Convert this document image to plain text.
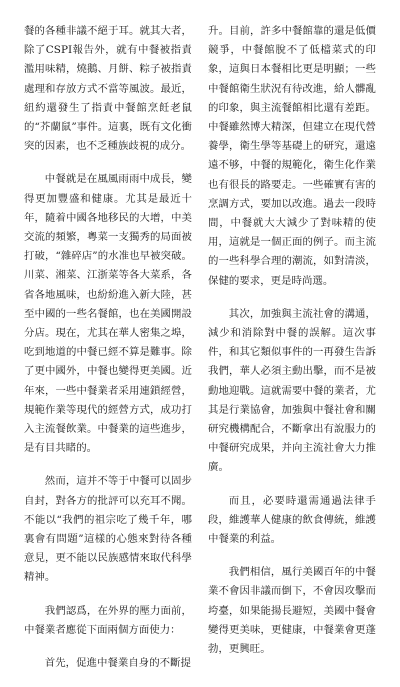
餐的各種非議不絕于耳。就其大者，除了CSPI報告外，就有中餐被指責濫用味精，燒鵝、月餅、粽子被指責處理和存放方式不當等風波。最近，紐約還發生了指責中餐館烹飪老鼠的“芥蘭鼠”事件。這裏，既有文化衝突的因素，也不乏種族歧視的成分。

中餐就是在風風雨雨中成長，變得更加豐盛和健康。尤其是最近十年，隨着中國各地移民的大增，中美交流的頻繁，粵菜一支獨秀的局面被打破，“雜碎店”的水准也早被突破。川菜、湘菜、江浙菜等各大菜系，各省各地風味，也紛紛進入新大陸，甚至中國的一些名餐館，也在美國開設分店。現在，尤其在華人密集之埠，吃到地道的中餐已經不算是難事。除了更中國外，中餐也變得更美國。近年來，一些中餐業者采用連鎖經營，規範作業等現代的經營方式，成功打入主流餐飲業。中餐業的這些進步，是有目共睹的。

然而，這并不等于中餐可以固步自封，對各方的批評可以充耳不聞。不能以“我們的祖宗吃了幾千年，哪裏會有問題”這樣的心態來對待各種意見，更不能以民族感情來取代科學精神。

我們認爲，在外界的壓力面前，中餐業者應從下面兩個方面使力：

首先，促進中餐業自身的不斷提

升。目前，許多中餐館靠的還是低價競爭，中餐館脫不了低檔菜式的印象，這與日本餐相比更是明顯；一些中餐館衛生狀況有待改進，給人髒亂的印象，與主流餐館相比還有差距。中餐雖然博大精深，但建立在現代營養學，衛生學等基礎上的研究，還遠遠不够，中餐的規範化，衛生化作業也有很長的路要走。一些確實有害的烹調方式，要加以改進。過去一段時間，中餐就大大減少了對味精的使用，這就是一個正面的例子。而主流的一些科學合理的潮流，如對清淡，保健的要求，更是時尚選。

其次，加強與主流社會的溝通，減少和消除對中餐的誤解。這次事件，和其它類似事件的一再發生告訴我們，華人必須主動出擊，而不是被動地迎戰。這就需要中餐的業者，尤其是行業協會，加強與中餐社會和關研究機構配合，不斷拿出有說服力的中餐研究成果，并向主流社會大力推廣。

而且，必要時還需通過法律手段，維護華人健康的飲食傳統，維護中餐業的利益。

我們相信，風行美國百年的中餐業不會因非議而倒下，不會因攻擊而垮臺，如果能揚長避短，美國中餐會變得更美味，更健康，中餐業會更蓬勃，更興旺。
